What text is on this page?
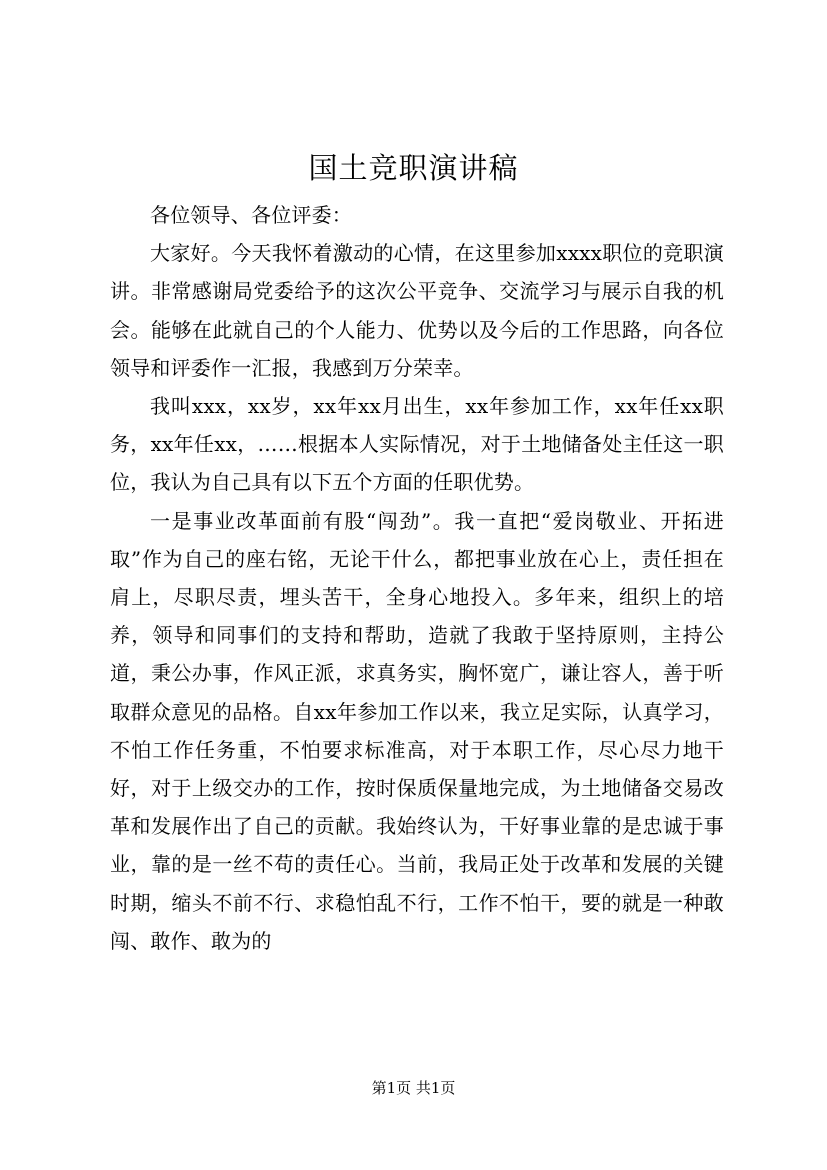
国土竞职演讲稿

各位领导、各位评委：

大家好。今天我怀着激动的心情，在这里参加xxxx职位的竞职演讲。非常感谢局党委给予的这次公平竞争、交流学习与展示自我的机会。能够在此就自己的个人能力、优势以及今后的工作思路，向各位领导和评委作一汇报，我感到万分荣幸。

我叫xxx，xx岁，xx年xx月出生，xx年参加工作，xx年任xx职务，xx年任xx，……根据本人实际情况，对于土地储备处主任这一职位，我认为自己具有以下五个方面的任职优势。

一是事业改革面前有股“闯劲”。我一直把“爱岗敬业、开拓进取”作为自己的座右铭，无论干什么，都把事业放在心上，责任担在肩上，尽职尽责，埋头苦干，全身心地投入。多年来，组织上的培养，领导和同事们的支持和帮助，造就了我敢于坚持原则，主持公道，秉公办事，作风正派，求真务实，胸怀宽广，谦让容人，善于听取群众意见的品格。自xx年参加工作以来，我立足实际，认真学习，不怕工作任务重，不怕要求标准高，对于本职工作，尽心尽力地干好，对于上级交办的工作，按时保质保量地完成，为土地储备交易改革和发展作出了自己的贡献。我始终认为，干好事业靠的是忠诚于事业，靠的是一丝不苟的责任心。当前，我局正处于改革和发展的关键时期，缩头不前不行、求稳怕乱不行，工作不怕干，要的就是一种敢闯、敢作、敢为的

第1页 共1页
